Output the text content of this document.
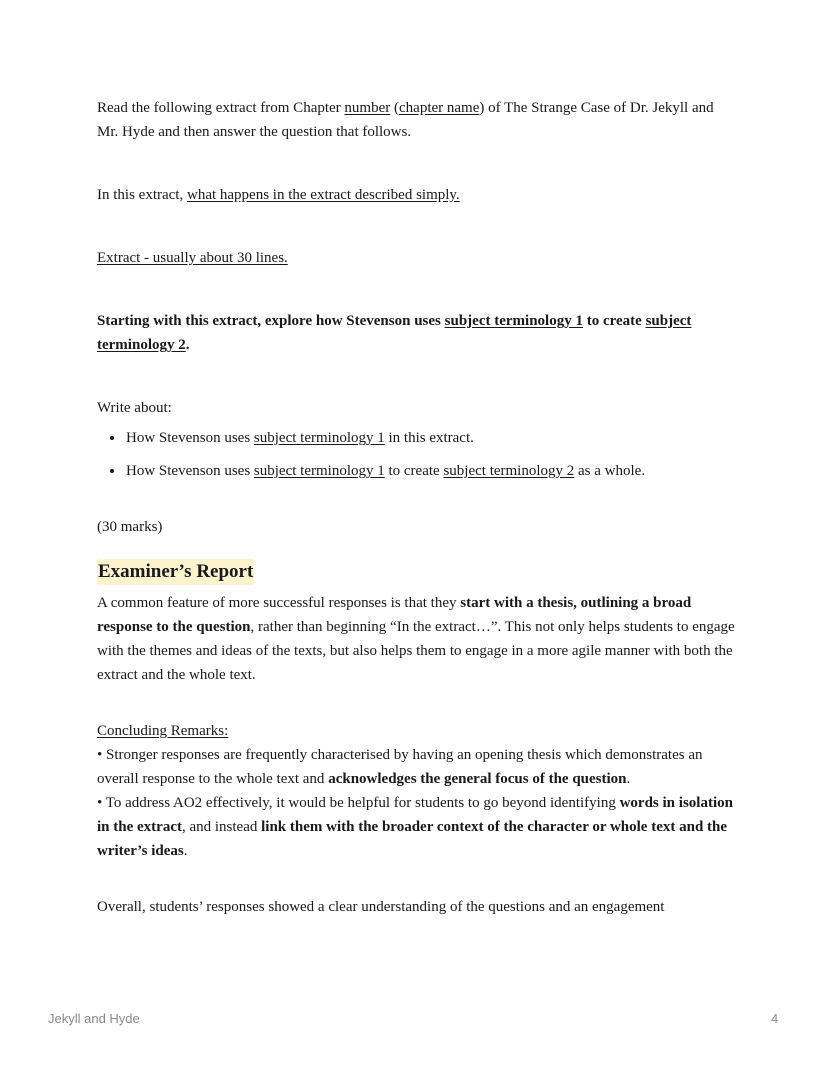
Read the following extract from Chapter number (chapter name) of The Strange Case of Dr. Jekyll and Mr. Hyde and then answer the question that follows.

In this extract, what happens in the extract described simply.

Extract - usually about 30 lines.

Starting with this extract, explore how Stevenson uses subject terminology 1 to create subject terminology 2.

Write about:

• How Stevenson uses subject terminology 1 in this extract.
• How Stevenson uses subject terminology 1 to create subject terminology 2 as a whole.

(30 marks)

Examiner’s Report

A common feature of more successful responses is that they start with a thesis, outlining a broad response to the question, rather than beginning “In the extract…”. This not only helps students to engage with the themes and ideas of the texts, but also helps them to engage in a more agile manner with both the extract and the whole text.

Concluding Remarks:

• Stronger responses are frequently characterised by having an opening thesis which demonstrates an overall response to the whole text and acknowledges the general focus of the question.
• To address AO2 effectively, it would be helpful for students to go beyond identifying words in isolation in the extract, and instead link them with the broader context of the character or whole text and the writer’s ideas.

Overall, students’ responses showed a clear understanding of the questions and an engagement

Jekyll and Hyde	4
